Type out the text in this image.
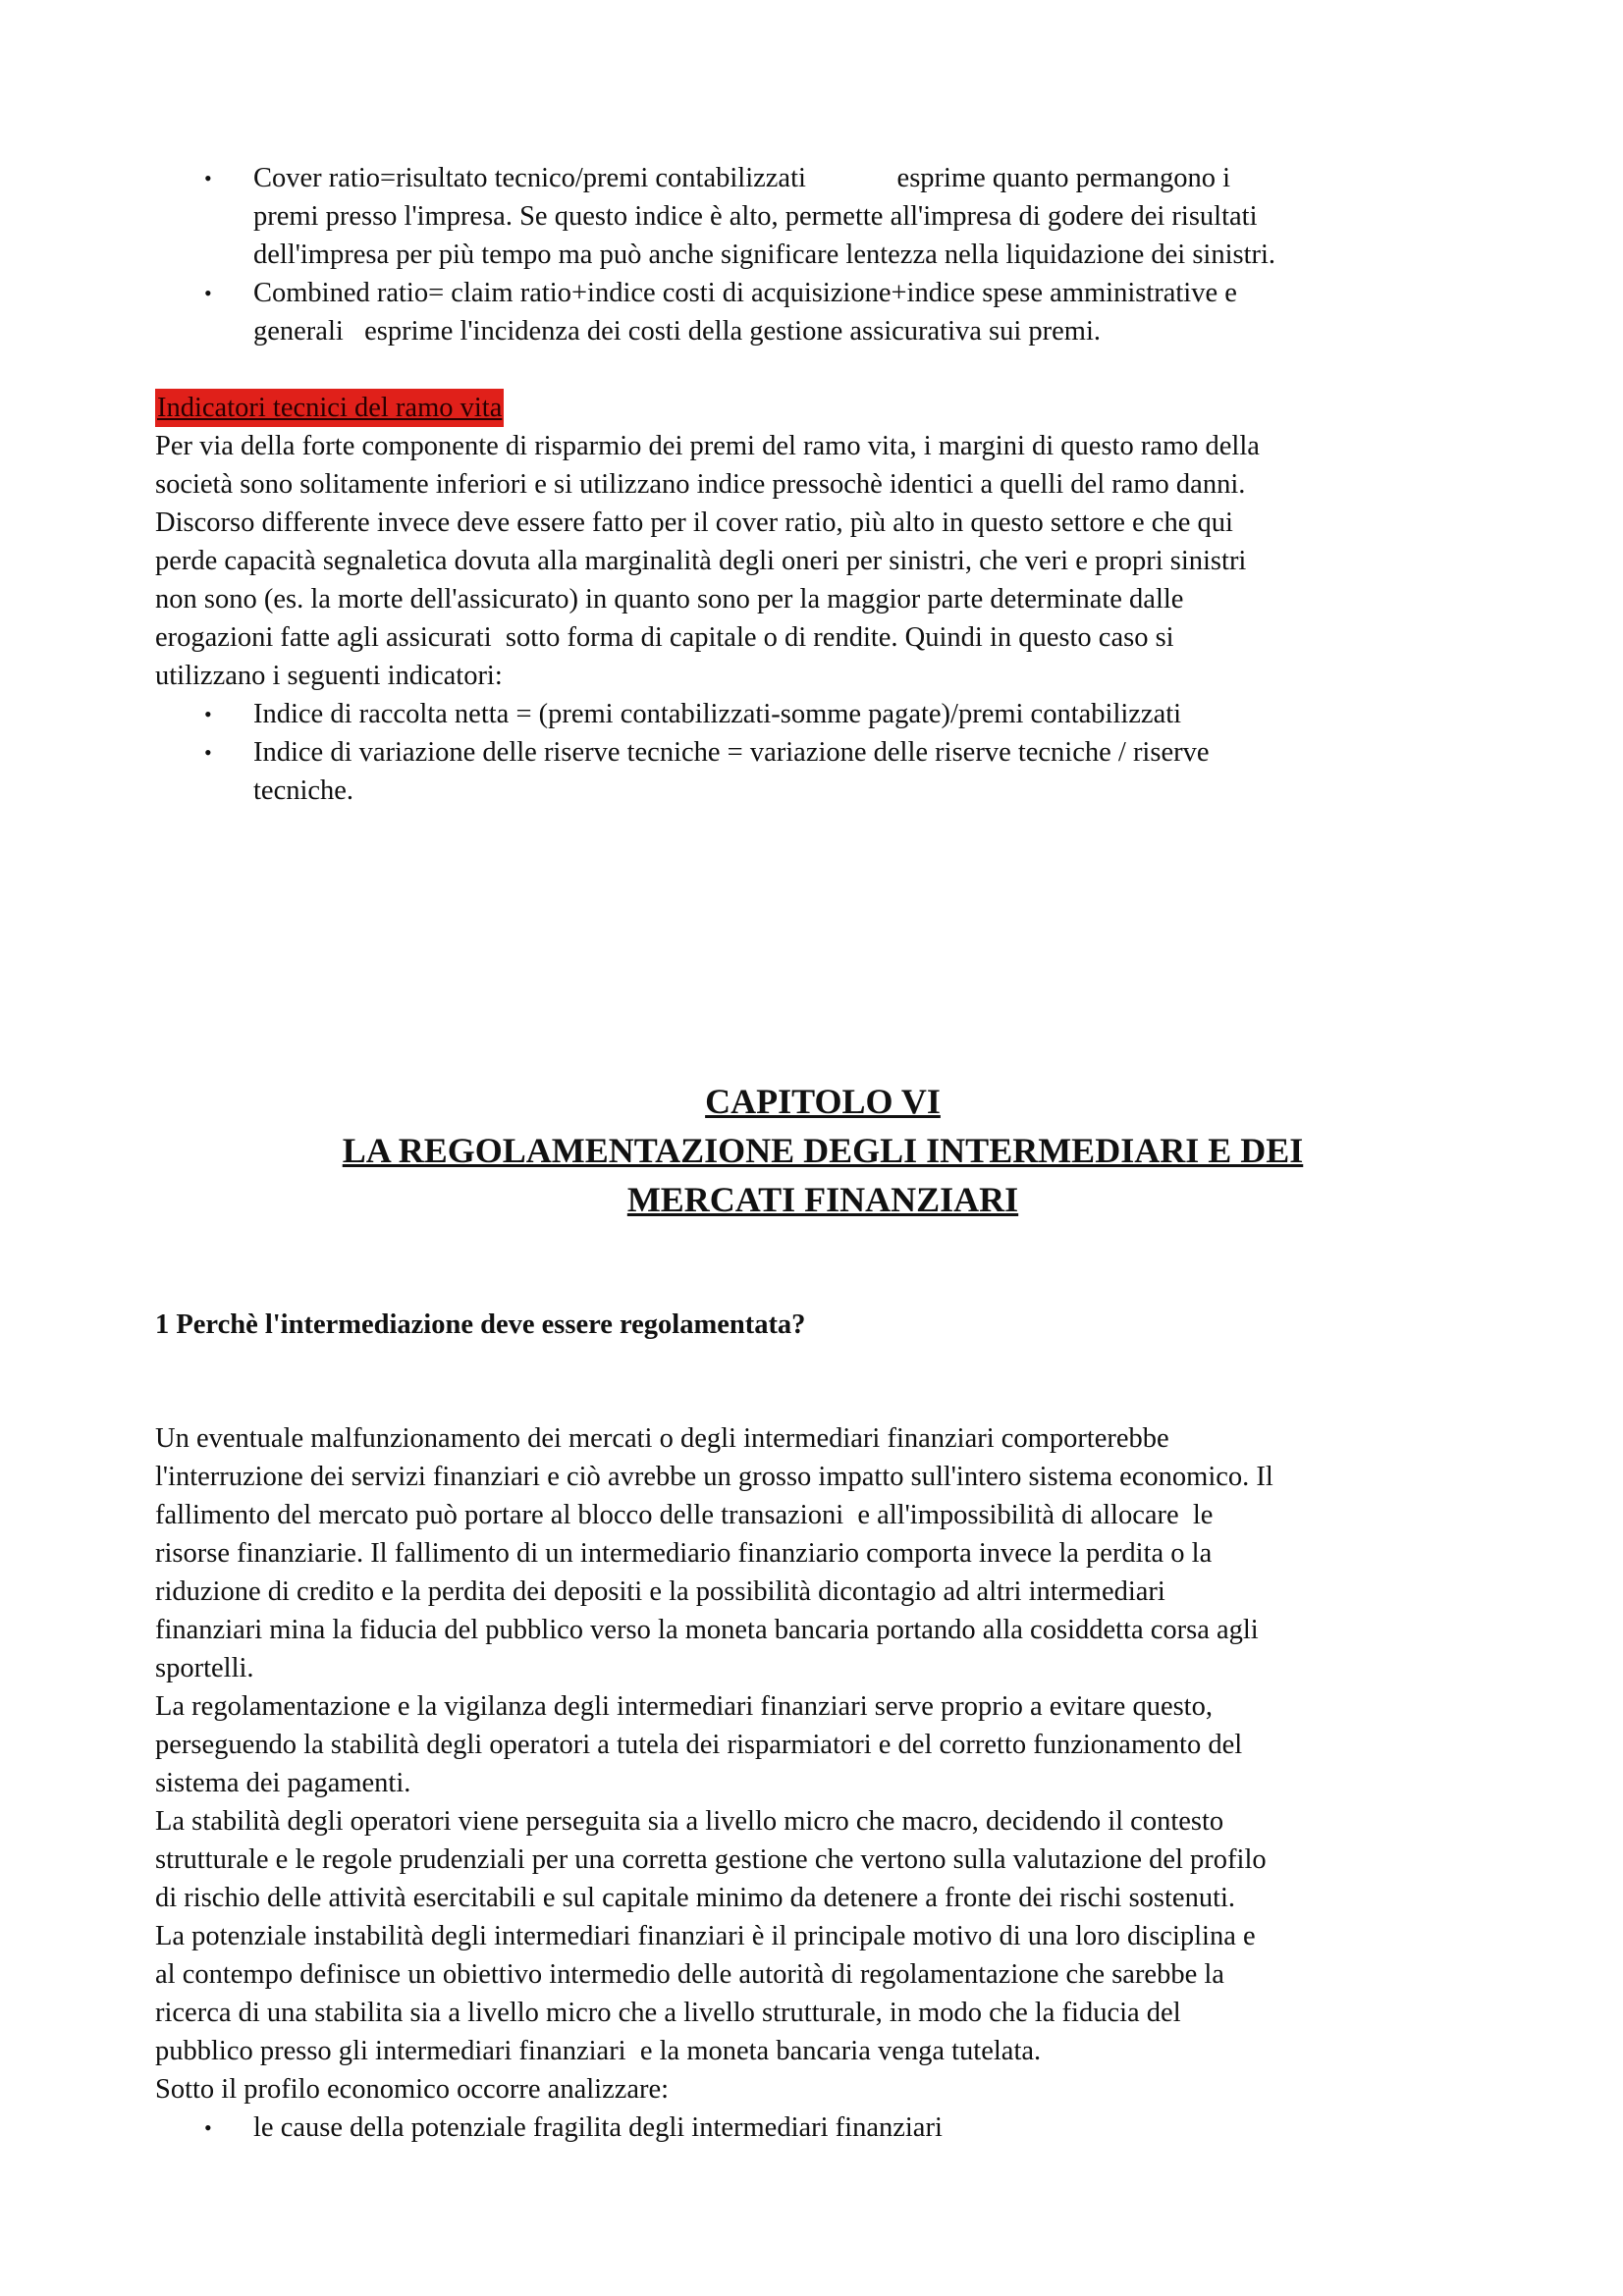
• Cover ratio=risultato tecnico/premi contabilizzati             esprime quanto permangono i
premi presso l'impresa. Se questo indice è alto, permette all'impresa di godere dei risultati
dell'impresa per più tempo ma può anche significare lentezza nella liquidazione dei sinistri.
• Combined ratio= claim ratio+indice costi di acquisizione+indice spese amministrative e
generali   esprime l'incidenza dei costi della gestione assicurativa sui premi.
Indicatori tecnici del ramo vita

Per via della forte componente di risparmio dei premi del ramo vita, i margini di questo ramo della

società sono solitamente inferiori e si utilizzano indice pressochè identici a quelli del ramo danni.

Discorso differente invece deve essere fatto per il cover ratio, più alto in questo settore e che qui

perde capacità segnaletica dovuta alla marginalità degli oneri per sinistri, che veri e propri sinistri

non sono (es. la morte dell'assicurato) in quanto sono per la maggior parte determinate dalle

erogazioni fatte agli assicurati  sotto forma di capitale o di rendite. Quindi in questo caso si

utilizzano i seguenti indicatori:

• Indice di raccolta netta = (premi contabilizzati-somme pagate)/premi contabilizzati
• Indice di variazione delle riserve tecniche = variazione delle riserve tecniche / riserve
tecniche.
CAPITOLO VI
LA REGOLAMENTAZIONE DEGLI INTERMEDIARI E DEI
MERCATI FINANZIARI
1 Perchè l'intermediazione deve essere regolamentata?

Un eventuale malfunzionamento dei mercati o degli intermediari finanziari comporterebbe

l'interruzione dei servizi finanziari e ciò avrebbe un grosso impatto sull'intero sistema economico. Il

fallimento del mercato può portare al blocco delle transazioni  e all'impossibilità di allocare  le

risorse finanziarie. Il fallimento di un intermediario finanziario comporta invece la perdita o la

riduzione di credito e la perdita dei depositi e la possibilità dicontagio ad altri intermediari

finanziari mina la fiducia del pubblico verso la moneta bancaria portando alla cosiddetta corsa agli

sportelli.

La regolamentazione e la vigilanza degli intermediari finanziari serve proprio a evitare questo,

perseguendo la stabilità degli operatori a tutela dei risparmiatori e del corretto funzionamento del

sistema dei pagamenti.

La stabilità degli operatori viene perseguita sia a livello micro che macro, decidendo il contesto

strutturale e le regole prudenziali per una corretta gestione che vertono sulla valutazione del profilo

di rischio delle attività esercitabili e sul capitale minimo da detenere a fronte dei rischi sostenuti.

La potenziale instabilità degli intermediari finanziari è il principale motivo di una loro disciplina e

al contempo definisce un obiettivo intermedio delle autorità di regolamentazione che sarebbe la

ricerca di una stabilita sia a livello micro che a livello strutturale, in modo che la fiducia del

pubblico presso gli intermediari finanziari  e la moneta bancaria venga tutelata.

Sotto il profilo economico occorre analizzare:

• le cause della potenziale fragilita degli intermediari finanziari
